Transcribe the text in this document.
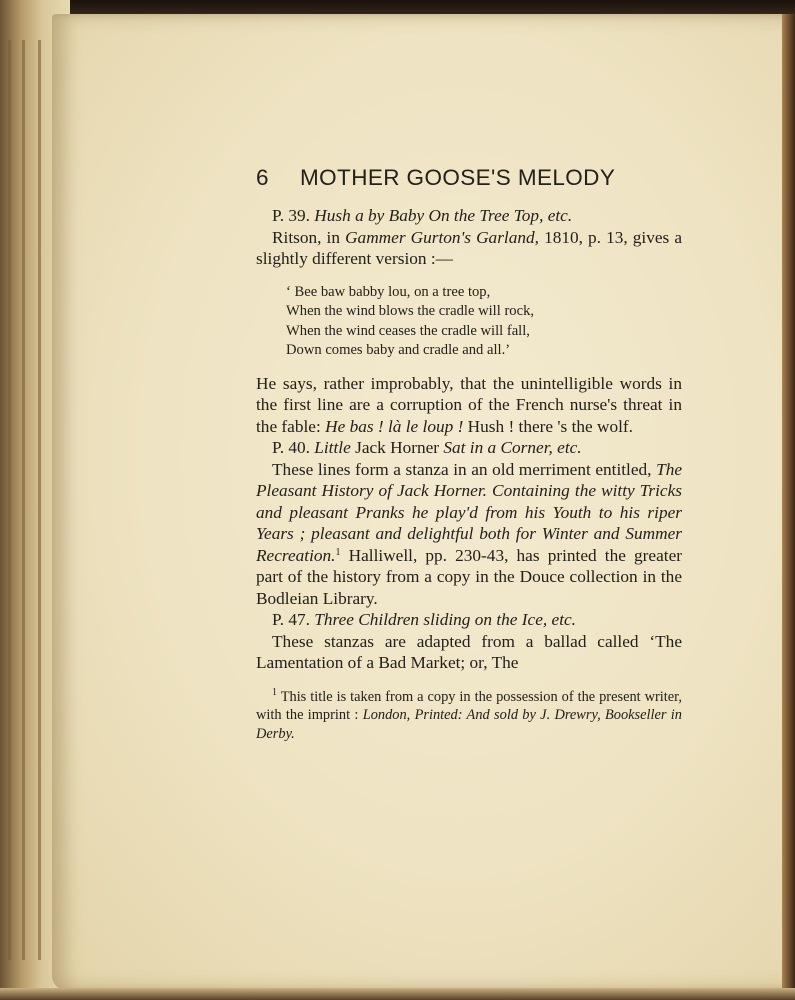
6 MOTHER GOOSE'S MELODY

P. 39. Hush a by Baby On the Tree Top, etc.

Ritson, in Gammer Gurton's Garland, 1810, p. 13, gives a slightly different version :—

‘ Bee baw babby lou, on a tree top,
When the wind blows the cradle will rock,
When the wind ceases the cradle will fall,
Down comes baby and cradle and all.’

He says, rather improbably, that the unintelligible words in the first line are a corruption of the French nurse's threat in the fable: He bas ! là le loup ! Hush ! there 's the wolf.

P. 40. Little Jack Horner Sat in a Corner, etc.

These lines form a stanza in an old merriment entitled, The Pleasant History of Jack Horner. Containing the witty Tricks and pleasant Pranks he play'd from his Youth to his riper Years ; pleasant and delightful both for Winter and Summer Recreation.$^1$ Halliwell, pp. 230-43, has printed the greater part of the history from a copy in the Douce collection in the Bodleian Library.

P. 47. Three Children sliding on the Ice, etc.

These stanzas are adapted from a ballad called ‘The Lamentation of a Bad Market; or, The

$^1$ This title is taken from a copy in the possession of the present writer, with the imprint : London, Printed: And sold by J. Drewry, Bookseller in Derby.
